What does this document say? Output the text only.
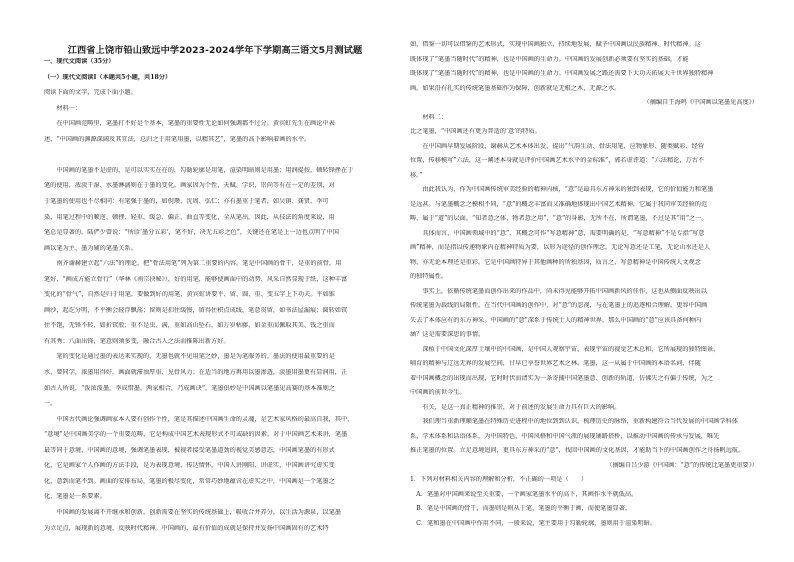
江西省上饶市铅山致远中学2023-2024学年下学期高三语文5月测试题
一、现代文阅读（35分）
（一）现代文阅读I（本题共5小题，共18分）
阅读下面的文字，完成下面小题。
　　材料一：
　　在中国画范畴里，笔墨打不好是个基本，笔墨的重要性无论如何强调都不过分。黄宾虹先生在画论中表
述，“中国画的渊源深阔及其宜法，总归之于用笔用墨，以精其艺”，笔墨的高下影响着画的水平。
　　中国画的笔墨不是虚的，是可以实实在在的，勾勒轮廓是用笔，渲染明暗则是用墨；用润提按，顿转锋挫在于
笔的使用，浓淡干湿、水墨淋漓则在于墨的变化。画家因为个性、天赋、学识，崇尚等有在一定的差别，对
于笔墨的使用也不尽相同：有笔强于墨的，如倪瓒、沈周、弘仁；亦有墨重于笔者，如吴镇、龚贤、李可
染，用笔过程中的顺逆、顿挫、轻重，缓急、偏正、曲直等变化，全从笔出。因此，从技法的角度来说，用
笔总是显著的。陆俨少曾说：“所诊‘墨分五彩’，笔不好，决无五彩之色”，关键还在笔是上一边也点明了中国
画以笔为主、墨为辅的笔墨关系。
　　南齐谢赫建立起“六法”的理论，把“骨法用笔”列为第二重要的内容。笔是中国画的骨干，是重的前骨，用
笔好，“画成方能立骨行”（华林《南宗抉秘》），好的用笔，能够使画面中的动势、风采自然显现于纸，这种丰富
变化的“骨气”，自然是归于用笔。要做到好的用笔，黄宾虹讲要平、留、圆、重、变五字上下功夫。平如锥
画沙，起讫分明，不平衡会轻浮飘荡；留则是扣住缓慢，留得住积点成线，笔意贯留，如书法屋漏痕；圆转如钗
往不饱，无锋不转，如折钗股；重不是虫、满，重如高山坠石，如万岁枯藤，如金重而佩取其美、钱之重而
有其秀；八面出锋，笔意则须多变，融合古人之法而推陈出新方好。
　　笔的变化是通过墨的表达来实现的，无墨也就不见用笔之妙，墨是为笔服务的。墨法的使用最重要的是
水，曾同学，浓墨用得好，画面就滞浊厚重、见骨风力；在适当的地方再用以墨渗透，淡墨用墨更有显润用，正
如古人所说，“泼浓泼墨，李成惜墨，两家相合，乃成画诀”，笔墨俱妙是中国画以笔墨见高赛的基本准则之
一。
　　中国古代画论强调画家本人要有创作个性，笔是其描述中国画生命的灵魂，是艺术家风格的最高自我，其中，
“意境”是中国画美学的一个重要范畴，它是构成中国艺术表现形式不可或缺的因素。对于中国画艺术来讲，笔墨
最等同于意境，中国画的意境，强调笔墨表现，被视者接受笔墨道劲的视觉美感意态，中国画笔墨的有形式
化，它是画家个人作画的方法手段，是为表现意境、传达情怀，中国人讲刚阳、讲虚实，中国画讲究虚实变
化，意到而笔不到。画面的安排布局，笔墨的极尽变化，常常巧妙地蕴含在虚实之中，中国画是一个笔墨之
化，笔墨是一系要素。
　　中国画的发展离不开继承和创新，创新需要在坚实的传统基础上，吸收合并养分，以生活为源泉，以笔墨
为立足点，展现新的意境，反映时代精神。中国画的，最有价值的成就是保持并发扬中国画固有的艺术特
如，借鉴一切可以借鉴的艺术形式，实现中国画独立、持续地发展，赋予中国画以民族精神、时代精神。这
既体现了“笔墨当随时代”的精神，也是中国画的生命力。中国画的发展创新必须要有坚实的基础，才能
既体现了“笔墨当随时代”的精神，也是中国画的生命力。中国画发展之路还需要下大功夫拓展大千世界独特精神
画。如果沿有扎实的传统笔墨基础作为保障，创新就是无根之木，无源之水。
（摘编自王海鸣《中国画以笔墨见高度》）
　　材料二：
比之笔墨，“中国画还有更为普适的‘意’的特质。
　　在中国画早期发展阶段，谢赫从艺术本体出发，提出“气韵生动、骨法用笔，应物象形、随类赋彩、经营
位置，传移模写”六法，这一阐述本身就是评价中国画艺术水平的金标准”，郭若虚评道：“六法精论，万古不
移。”
　　由此我认为，作为中国画传统审美经验的精神内核，“意”是最具东方神采的独到表现，它的价值能力和笔墨
是远甚。与笔墨概念之模相不同，“意”的概念丰富而又准确地体现出中国艺术精神，它属于我同审美经验的范
畴，属于“道”的层面。“知者意之体，物者意之用”，“意”的身影，无所不在，所谓笔墨，不过是其“用”之一。
　　具体而言，中国画领域中的“意”，其概念可作“写意精神”意，需要明确的是，“写意精神”不是专指“写意
画”精神，而是指以传递物象内在精神特质为要，以形为途径的创作理念，无论写意还是工笔，无论山水还是人
物，亦无论本理还是重彩，它是中国画特异于其他画种的所独基因，质言之，写意精神是中国传统人文观念
的独特属性。
　　事实上，依循传统笔墨而创作出来的作品中，尚未得见能够开拓中国画新风的佳作，这也从侧面反映出以
传统笔墨为载线的局限性。在当代中国画的创作中，对“意”的忽视，与在笔墨上的追逐相合理解，更容中国画
失去了本体应有的东方神采。中国画的“意”深系于传统士人的精神世界，那么中国画的“意”应该具备何种内
涵？这是需要深思的事情。
　　深植于中国文化深厚土壤中的中国画，是中国人观察宇宙、表现宇宙的视觉艺术总和，它所展现的独特图景，
哺育的精神与辽远无界的发展空间，甘早已享誉世界艺术之林。笔墨，这一从属于中国画的本语名词，伴随
着中国画概念的出现而出现，它时时伏而清实为一条寄捕中国笔墨意、创新的轨道，仿佛失之有偏于传统，为之
中国画的前世今生。
　　有关，是这一真正精神的推崇，对于前述的发展生命力具有巨大的影响。
　　我们理当重新理顺笔墨在特殊历史进程中的地位到到认识，梳理历史的脉络，重新构建符合当代发展的中国画学科体
系、学术体系和话语体系，为中国特色、中国风格和中国气派的展现铺路搭桥，以推动中国画的传承与发展，唯先
推正笔墨的位置。立足意境追问，更具东方神采的“意”，找回中国画的文化基因，才能助当下的中国画创作之舟扬帆远航。
（摘编自吕少游《中国画：“意”的传统比笔墨更重要》）
1．下列对材料相关内容的理解和分析，不正确的一项是（　　）
　A．笔墨对中国画来说至关重要，一个画家笔墨水平的高下，其画作水平就低高。
　B．笔是中国画的骨干，而墨则是附从于笔，笔墨的平衡于画，而使笔墨显著。
　C．笔和墨在中国画中作用不同，一般来说，笔主要用于勾勒轮廓，墨则用于渲染明暗。
